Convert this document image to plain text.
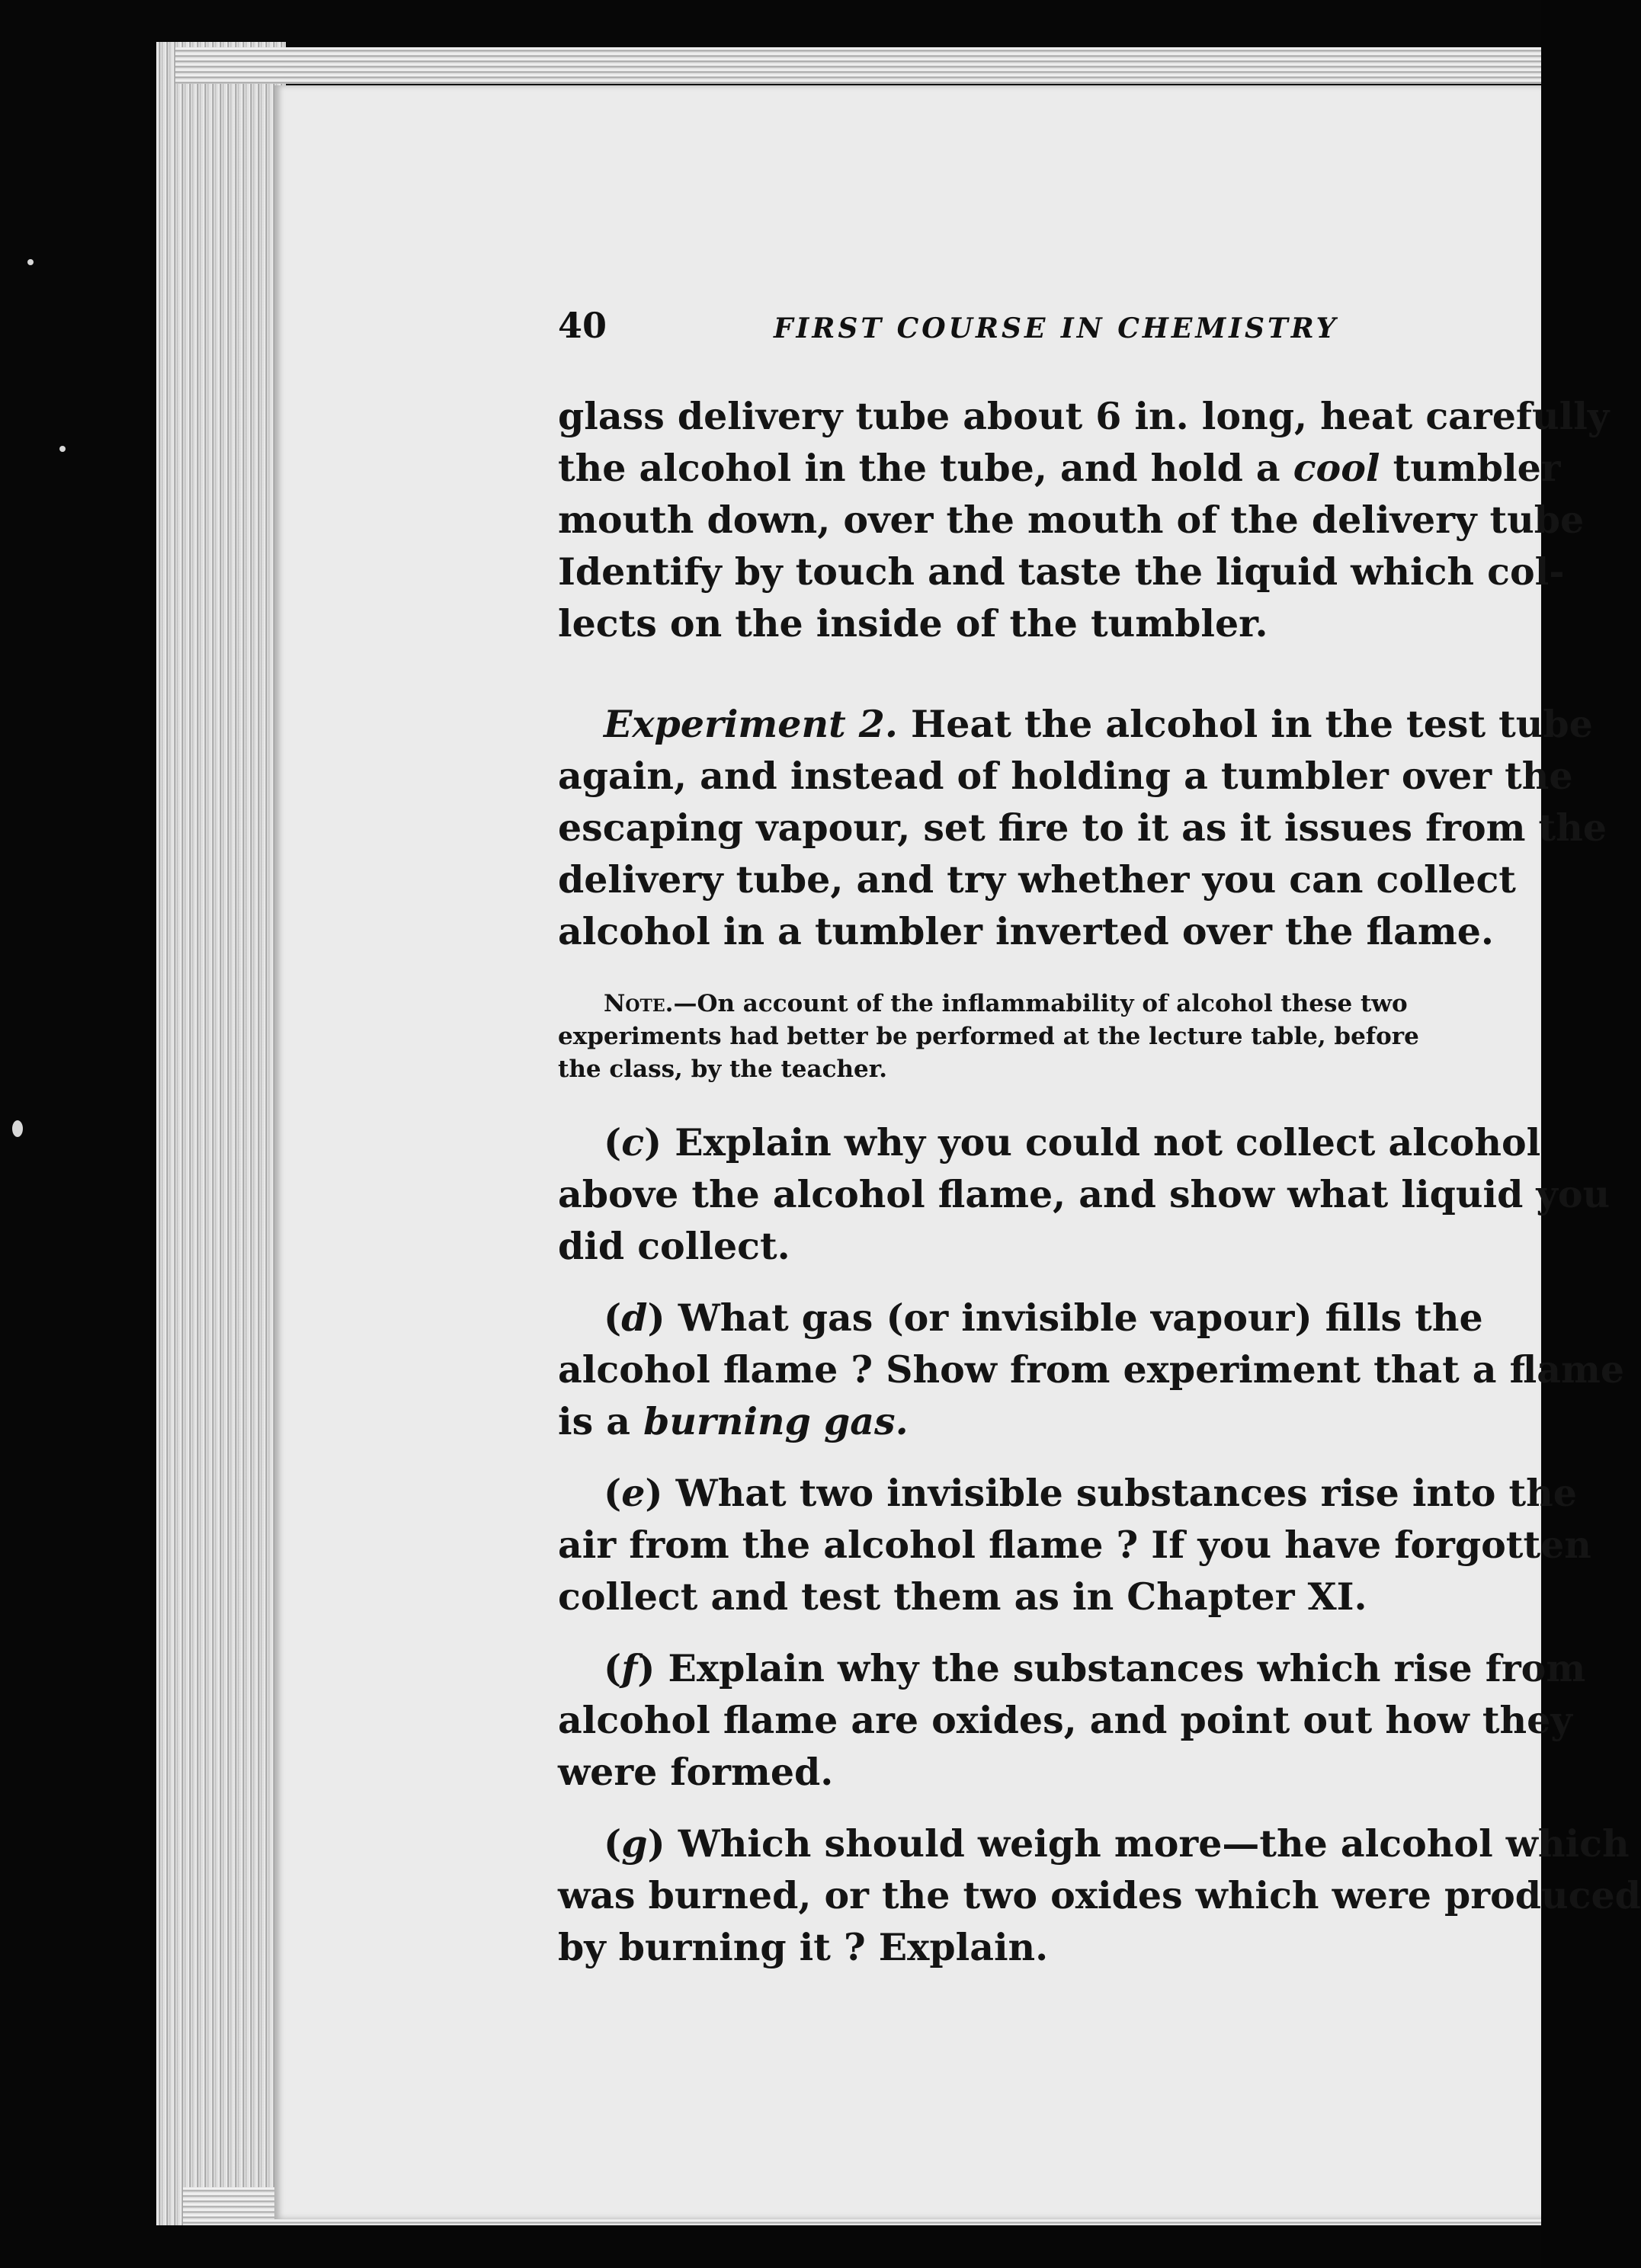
40	FIRST COURSE IN CHEMISTRY
glass delivery tube about 6 in. long, heat carefully
the alcohol in the tube, and hold a cool tumbler
mouth down, over the mouth of the delivery tube
Identify by touch and taste the liquid which col-
lects on the inside of the tumbler.
Experiment 2. Heat the alcohol in the test tube
again, and instead of holding a tumbler over the
escaping vapour, set fire to it as it issues from the
delivery tube, and try whether you can collect
alcohol in a tumbler inverted over the flame.
Note.—On account of the inflammability of alcohol these two
experiments had better be performed at the lecture table, before
the class, by the teacher.
(c) Explain why you could not collect alcohol
above the alcohol flame, and show what liquid you
did collect.
(d) What gas (or invisible vapour) fills the
alcohol flame ? Show from experiment that a flame
is a burning gas.
(e) What two invisible substances rise into the
air from the alcohol flame ? If you have forgotten
collect and test them as in Chapter XI.
(f) Explain why the substances which rise from
alcohol flame are oxides, and point out how they
were formed.
(g) Which should weigh more—the alcohol which
was burned, or the two oxides which were produced
by burning it ? Explain.
